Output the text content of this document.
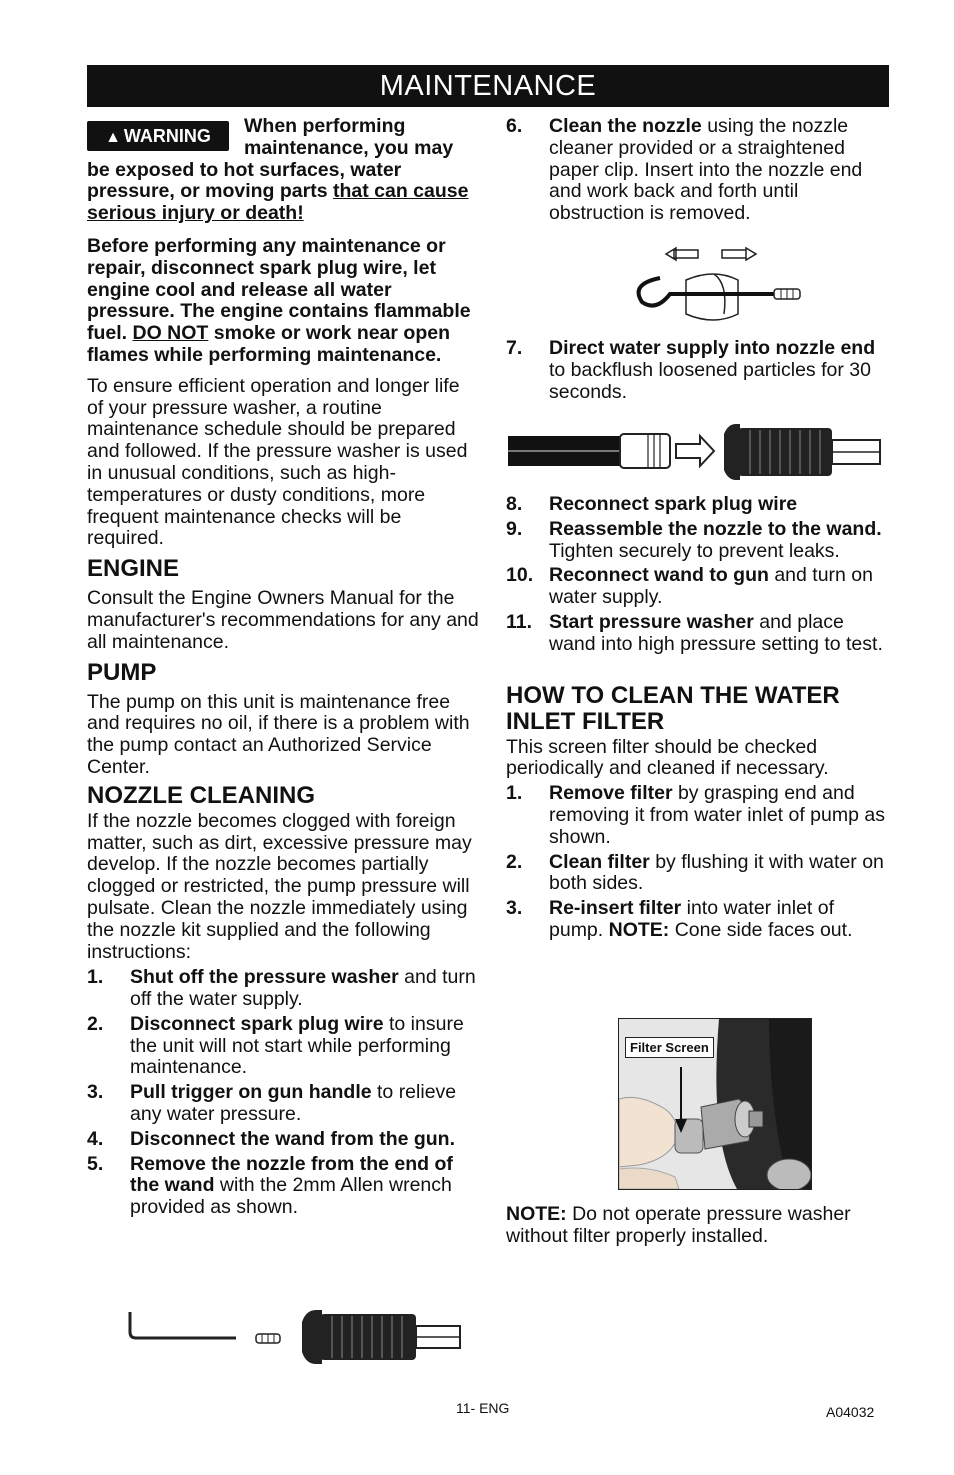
MAINTENANCE
▲ WARNING	When performing maintenance, you may be exposed to hot surfaces, water pressure, or moving parts that can cause serious injury or death!

Before performing any maintenance or repair, disconnect spark plug wire, let engine cool and release all water pressure. The engine contains flammable fuel. DO NOT smoke or work near open flames while performing maintenance.

To ensure efficient operation and longer life of your pressure washer, a routine maintenance schedule should be prepared and followed. If the pressure washer is used in unusual conditions, such as high-temperatures or dusty conditions, more frequent maintenance checks will be required.

ENGINE

Consult the Engine Owners Manual for the manufacturer's recommendations for any and all maintenance.

PUMP

The pump on this unit is maintenance free and requires no oil, if there is a problem with the pump contact an Authorized Service Center.

NOZZLE CLEANING

If the nozzle becomes clogged with foreign matter, such as dirt, excessive pressure may develop. If the nozzle becomes partially clogged or restricted, the pump pressure will pulsate. Clean the nozzle immediately using the nozzle kit supplied and the following instructions:

1. Shut off the pressure washer and turn off the water supply.
2. Disconnect spark plug wire to insure the unit will not start while performing maintenance.
3. Pull trigger on gun handle to relieve any water pressure.
4. Disconnect the wand from the gun.
5. Remove the nozzle from the end of the wand with the 2mm Allen wrench provided as shown.
6. Clean the nozzle using the nozzle cleaner provided or a straightened paper clip. Insert into the nozzle end and work back and forth until obstruction is removed.
7. Direct water supply into nozzle end to backflush loosened particles for 30 seconds.
8. Reconnect spark plug wire
9. Reassemble the nozzle to the wand. Tighten securely to prevent leaks.
10. Reconnect wand to gun and turn on water supply.
11. Start pressure washer and place wand into high pressure setting to test.
HOW TO CLEAN THE WATER INLET FILTER

This screen filter should be checked periodically and cleaned if necessary.

1. Remove filter by grasping end and removing it from water inlet of pump as shown.
2. Clean filter by flushing it with water on both sides.
3. Re-insert filter into water inlet of pump. NOTE: Cone side faces out.
Filter Screen

NOTE: Do not operate pressure washer without filter properly installed.

11- ENG	A04032
